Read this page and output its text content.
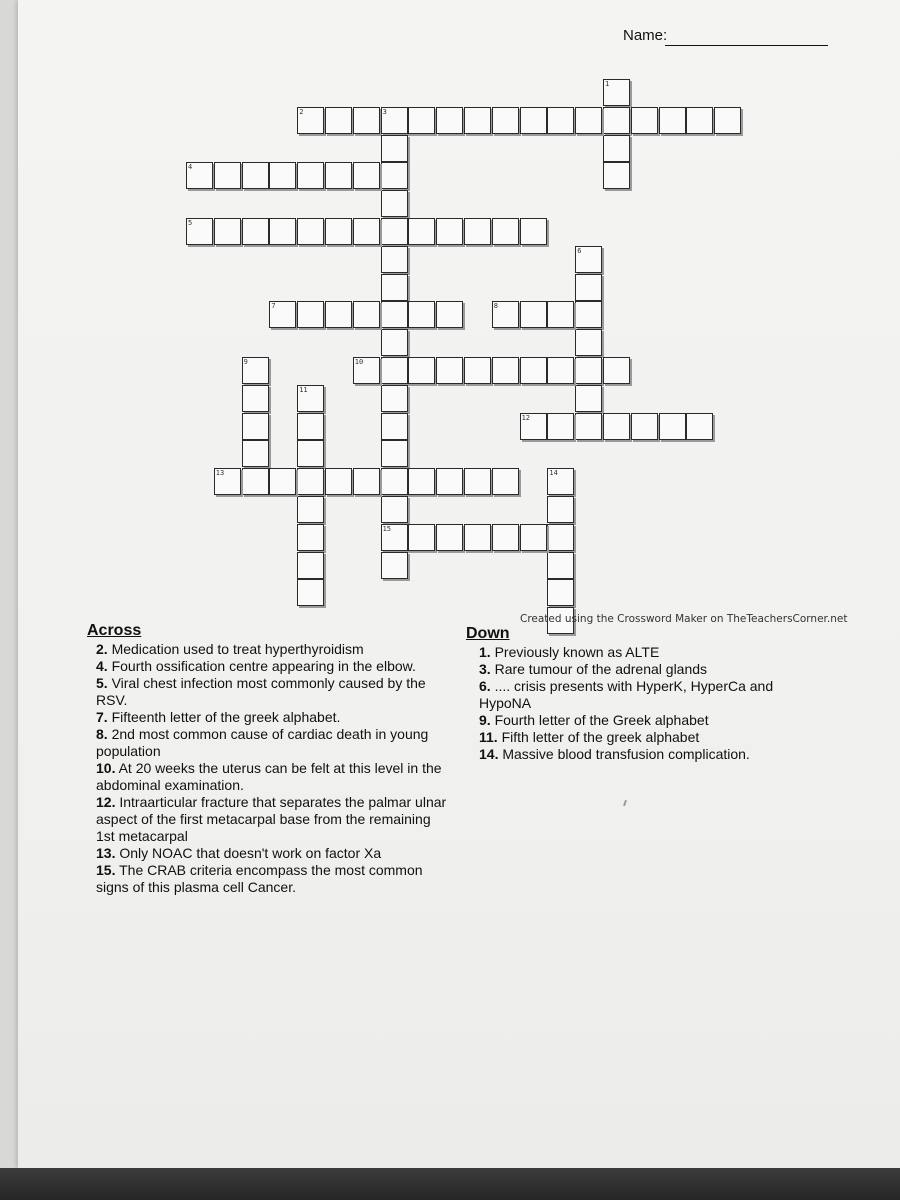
Name:
1
2	3
4
5
6
7	8
9	10
11
12
13	14
15
Created using the Crossword Maker on TheTeachersCorner.net
Across
2. Medication used to treat hyperthyroidism
4. Fourth ossification centre appearing in the elbow.
5. Viral chest infection most commonly caused by the RSV.
7. Fifteenth letter of the greek alphabet.
8. 2nd most common cause of cardiac death in young population
10. At 20 weeks the uterus can be felt at this level in the abdominal examination.
12. Intraarticular fracture that separates the palmar ulnar aspect of the first metacarpal base from the remaining 1st metacarpal
13. Only NOAC that doesn't work on factor Xa
15. The CRAB criteria encompass the most common signs of this plasma cell Cancer.
Down
1. Previously known as ALTE
3. Rare tumour of the adrenal glands
6. .... crisis presents with HyperK, HyperCa and HypoNA
9. Fourth letter of the Greek alphabet
11. Fifth letter of the greek alphabet
14. Massive blood transfusion complication.
